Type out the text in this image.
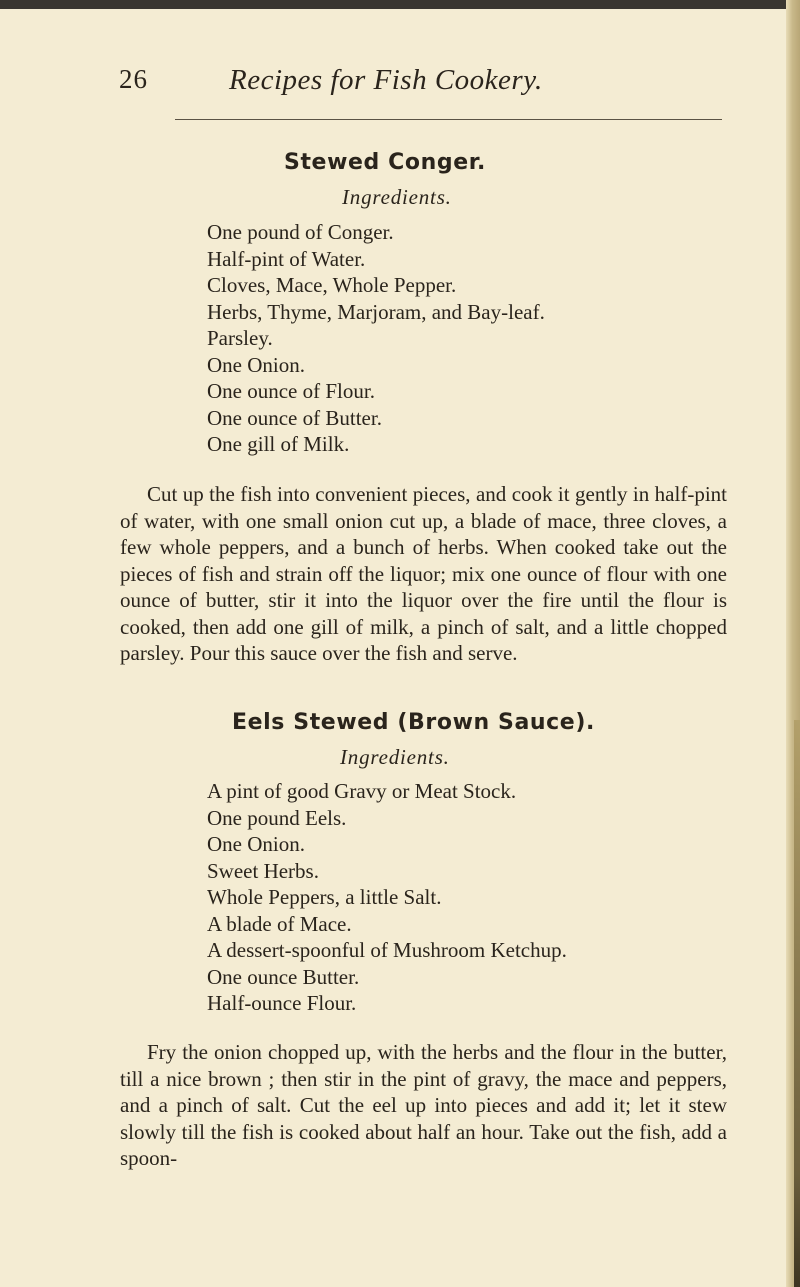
26	Recipes for Fish Cookery.
Stewed Conger.
Ingredients.
One pound of Conger.
Half-pint of Water.
Cloves, Mace, Whole Pepper.
Herbs, Thyme, Marjoram, and Bay-leaf.
Parsley.
One Onion.
One ounce of Flour.
One ounce of Butter.
One gill of Milk.

Cut up the fish into convenient pieces, and cook it gently in half-pint of water, with one small onion cut up, a blade of mace, three cloves, a few whole peppers, and a bunch of herbs. When cooked take out the pieces of fish and strain off the liquor; mix one ounce of flour with one ounce of butter, stir it into the liquor over the fire until the flour is cooked, then add one gill of milk, a pinch of salt, and a little chopped parsley. Pour this sauce over the fish and serve.

Eels Stewed (Brown Sauce).
Ingredients.
A pint of good Gravy or Meat Stock.
One pound Eels.
One Onion.
Sweet Herbs.
Whole Peppers, a little Salt.
A blade of Mace.
A dessert-spoonful of Mushroom Ketchup.
One ounce Butter.
Half-ounce Flour.

Fry the onion chopped up, with the herbs and the flour in the butter, till a nice brown ; then stir in the pint of gravy, the mace and peppers, and a pinch of salt. Cut the eel up into pieces and add it; let it stew slowly till the fish is cooked about half an hour. Take out the fish, add a spoon-
